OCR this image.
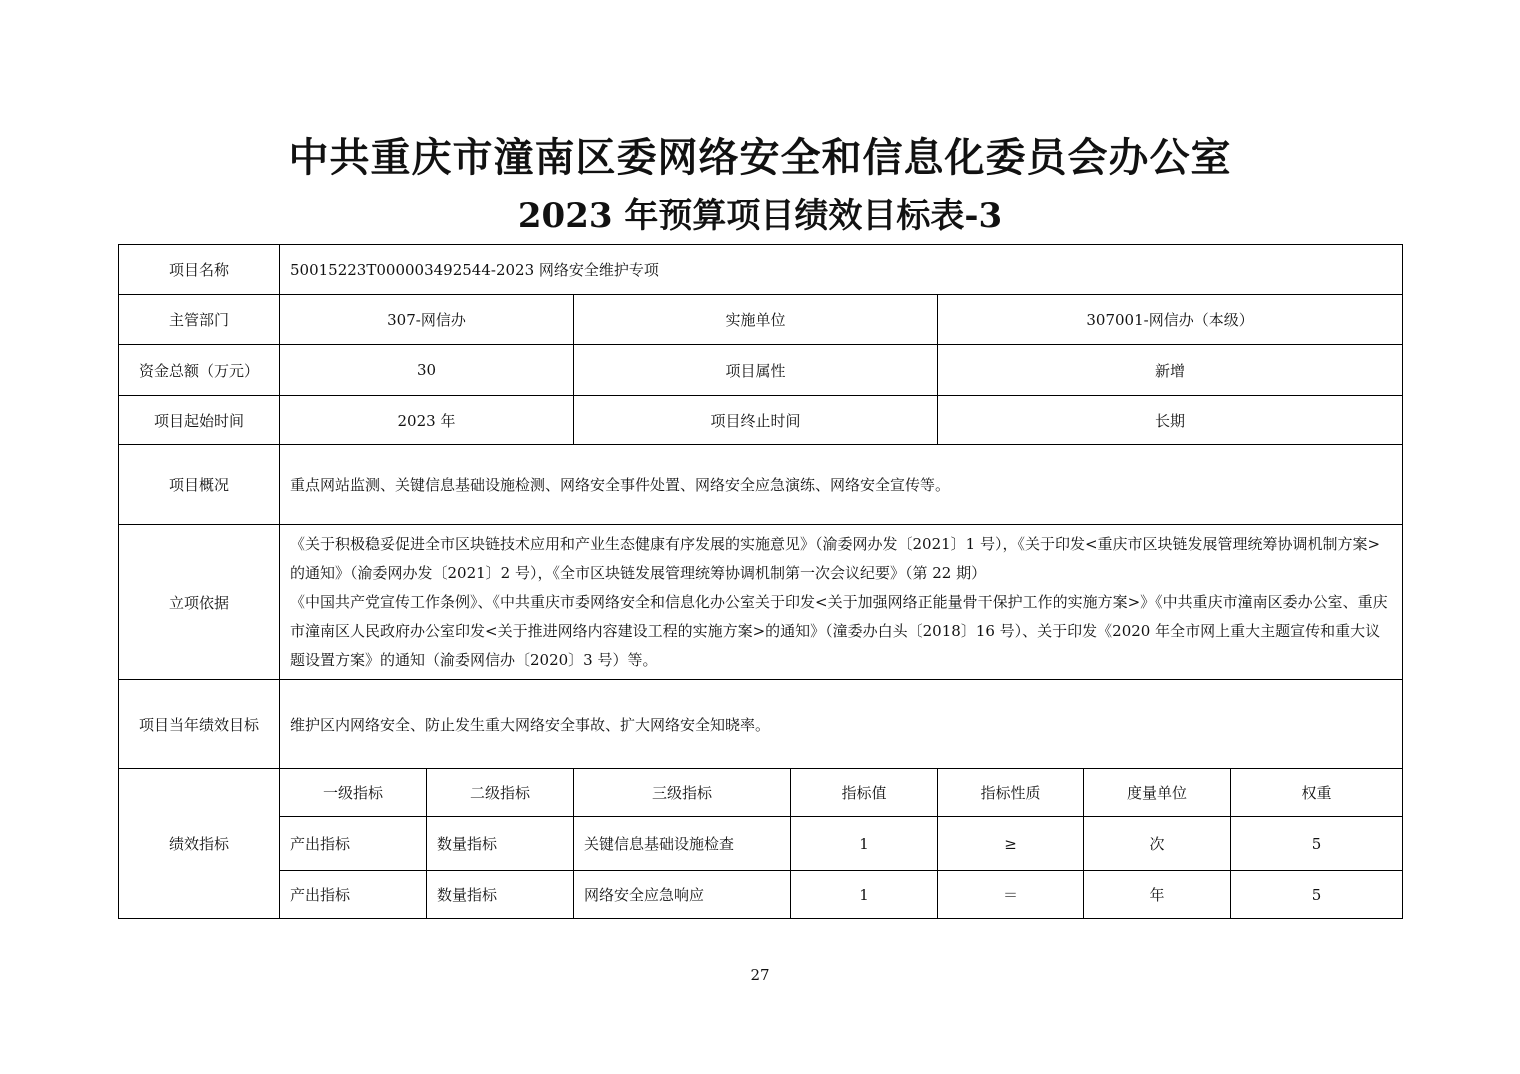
中共重庆市潼南区委网络安全和信息化委员会办公室
2023 年预算项目绩效目标表-3
项目名称	50015223T000003492544-2023 网络安全维护专项						
主管部门	307-网信办		实施单位		307001-网信办（本级）		
资金总额（万元）	30		项目属性		新增		
项目起始时间	2023 年		项目终止时间		长期		
项目概况	重点网站监测、关键信息基础设施检测、网络安全事件处置、网络安全应急演练、网络安全宣传等。						
立项依据	《关于积极稳妥促进全市区块链技术应用和产业生态健康有序发展的实施意见》（渝委网办发〔2021〕1 号），《关于印发<重庆市区块链发展管理统筹协调机制方案>的通知》（渝委网办发〔2021〕2 号），《全市区块链发展管理统筹协调机制第一次会议纪要》（第 22 期）

《中国共产党宣传工作条例》、《中共重庆市委网络安全和信息化办公室关于印发<关于加强网络正能量骨干保护工作的实施方案>》《中共重庆市潼南区委办公室、重庆市潼南区人民政府办公室印发<关于推进网络内容建设工程的实施方案>的通知》（潼委办白头〔2018〕16 号）、关于印发《2020 年全市网上重大主题宣传和重大议题设置方案》的通知（渝委网信办〔2020〕3 号）等。						

项目当年绩效目标	维护区内网络安全、防止发生重大网络安全事故、扩大网络安全知晓率。						
绩效指标	一级指标	二级指标	三级指标	指标值	指标性质	度量单位	权重
	产出指标	数量指标	关键信息基础设施检查	1	≥	次	5
	产出指标	数量指标	网络安全应急响应	1	＝	年	5
27
